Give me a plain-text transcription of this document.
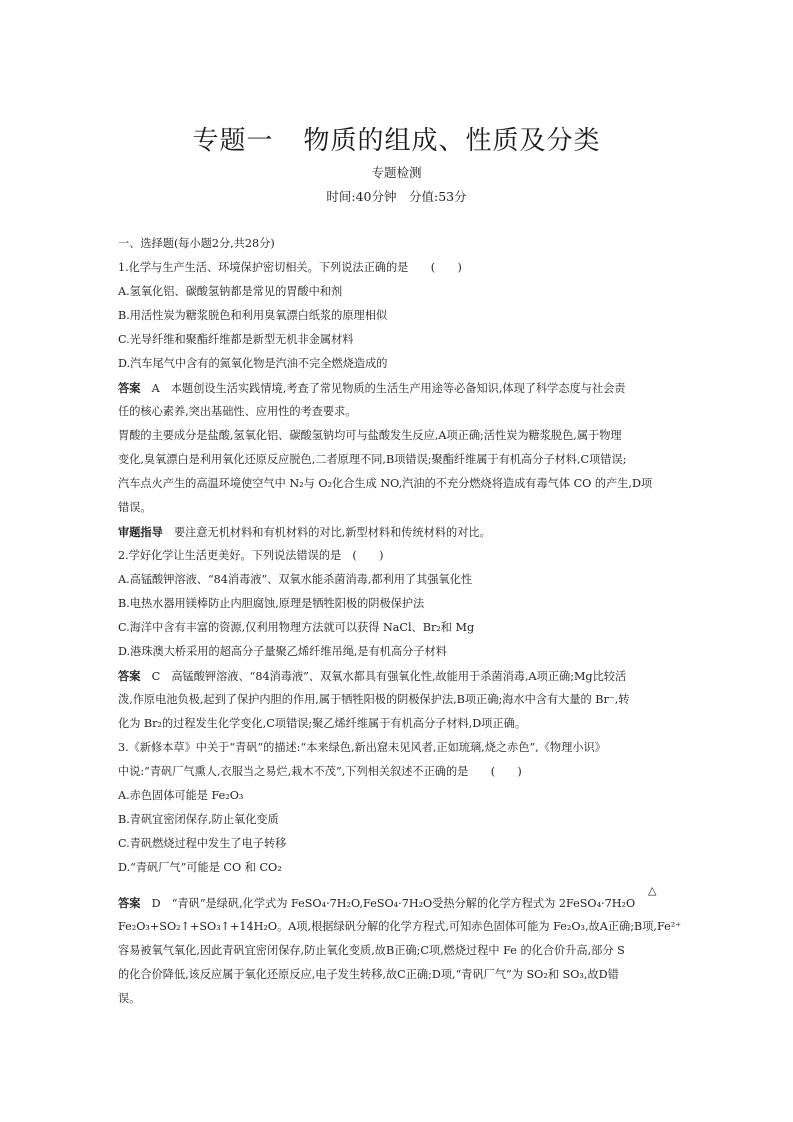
专题一 物质的组成、性质及分类
专题检测
时间:40分钟　分值:53分
一、选择题(每小题2分,共28分)
1.化学与生产生活、环境保护密切相关。下列说法正确的是　　(　　)
A.氢氧化铝、碳酸氢钠都是常见的胃酸中和剂
B.用活性炭为糖浆脱色和利用臭氧漂白纸浆的原理相似
C.光导纤维和聚酯纤维都是新型无机非金属材料
D.汽车尾气中含有的氮氧化物是汽油不完全燃烧造成的
答案　A　本题创设生活实践情境,考查了常见物质的生活生产用途等必备知识,体现了科学态度与社会责
任的核心素养,突出基础性、应用性的考查要求。
胃酸的主要成分是盐酸,氢氧化铝、碳酸氢钠均可与盐酸发生反应,A项正确;活性炭为糖浆脱色,属于物理
变化,臭氧漂白是利用氧化还原反应脱色,二者原理不同,B项错误;聚酯纤维属于有机高分子材料,C项错误;
汽车点火产生的高温环境使空气中 N₂与 O₂化合生成 NO,汽油的不充分燃烧将造成有毒气体 CO 的产生,D项
错误。
审题指导　要注意无机材料和有机材料的对比,新型材料和传统材料的对比。
2.学好化学让生活更美好。下列说法错误的是　(　　)
A.高锰酸钾溶液、“84消毒液”、双氧水能杀菌消毒,都利用了其强氧化性
B.电热水器用镁棒防止内胆腐蚀,原理是牺牲阳极的阴极保护法
C.海洋中含有丰富的资源,仅利用物理方法就可以获得 NaCl、Br₂和 Mg
D.港珠澳大桥采用的超高分子量聚乙烯纤维吊绳,是有机高分子材料
答案　C　高锰酸钾溶液、“84消毒液”、双氧水都具有强氧化性,故能用于杀菌消毒,A项正确;Mg比较活
泼,作原电池负极,起到了保护内胆的作用,属于牺牲阳极的阴极保护法,B项正确;海水中含有大量的 Br⁻,转
化为 Br₂的过程发生化学变化,C项错误;聚乙烯纤维属于有机高分子材料,D项正确。
3.《新修本草》中关于“青矾”的描述:“本来绿色,新出窟未见风者,正如琉璃,烧之赤色”,《物理小识》
中说:“青矾厂气熏人,衣服当之易烂,栽木不茂”,下列相关叙述不正确的是　　(　　)
A.赤色固体可能是 Fe₂O₃
B.青矾宜密闭保存,防止氧化变质
C.青矾燃烧过程中发生了电子转移
D.“青矾厂气”可能是 CO 和 CO₂
△
答案　D　“青矾”是绿矾,化学式为 FeSO₄·7H₂O,FeSO₄·7H₂O受热分解的化学方程式为 2FeSO₄·7H₂O
Fe₂O₃+SO₂↑+SO₃↑+14H₂O。A项,根据绿矾分解的化学方程式,可知赤色固体可能为 Fe₂O₃,故A正确;B项,Fe²⁺
容易被氧气氧化,因此青矾宜密闭保存,防止氧化变质,故B正确;C项,燃烧过程中 Fe 的化合价升高,部分 S
的化合价降低,该反应属于氧化还原反应,电子发生转移,故C正确;D项,“青矾厂气”为 SO₂和 SO₃,故D错
误。
